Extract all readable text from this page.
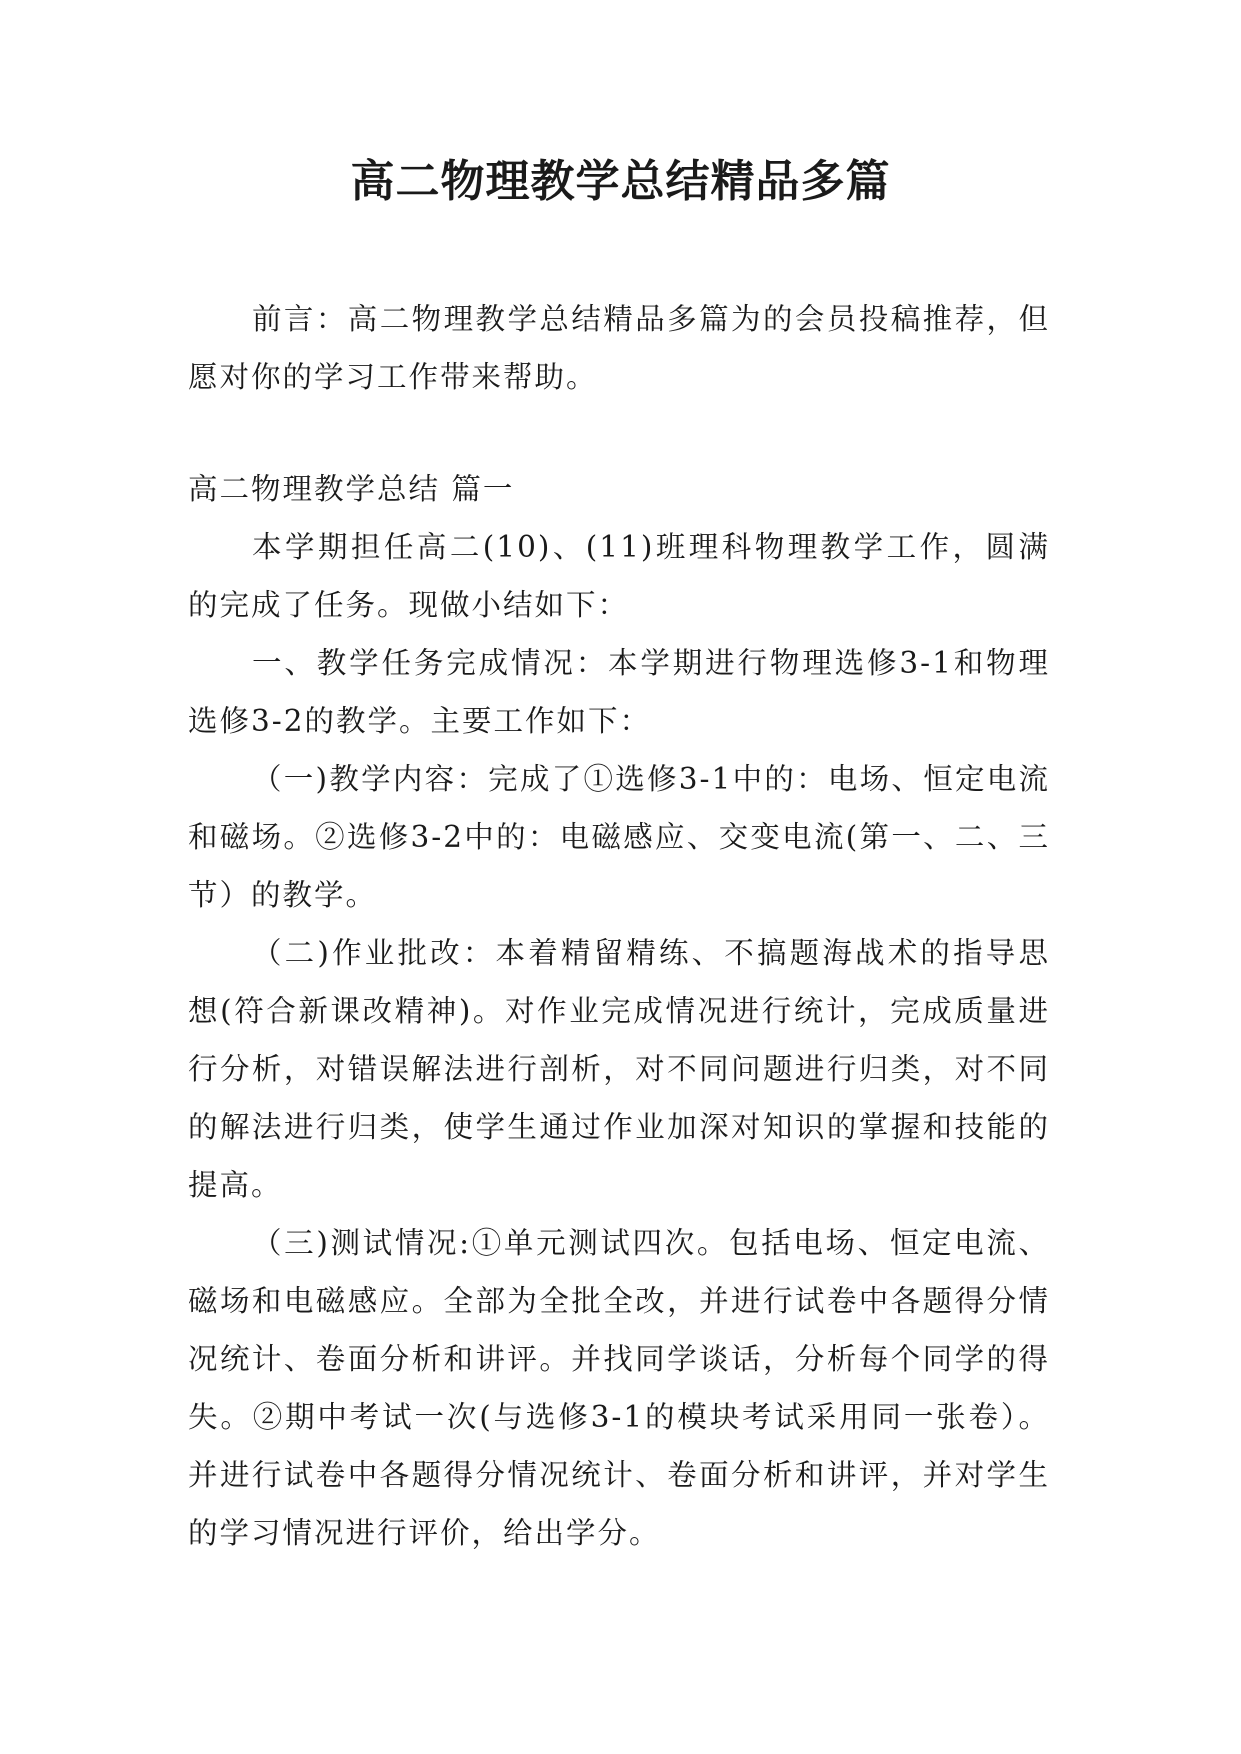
高二物理教学总结精品多篇

前言：高二物理教学总结精品多篇为的会员投稿推荐，但愿对你的学习工作带来帮助。

高二物理教学总结 篇一

本学期担任高二(10)、(11)班理科物理教学工作，圆满的完成了任务。现做小结如下：

一、教学任务完成情况：本学期进行物理选修3-1和物理选修3-2的教学。主要工作如下：

（一)教学内容：完成了①选修3-1中的：电场、恒定电流和磁场。②选修3-2中的：电磁感应、交变电流(第一、二、三节）的教学。

（二)作业批改：本着精留精练、不搞题海战术的指导思想(符合新课改精神)。对作业完成情况进行统计，完成质量进行分析，对错误解法进行剖析，对不同问题进行归类，对不同的解法进行归类，使学生通过作业加深对知识的掌握和技能的提高。

（三)测试情况:①单元测试四次。包括电场、恒定电流、磁场和电磁感应。全部为全批全改，并进行试卷中各题得分情况统计、卷面分析和讲评。并找同学谈话，分析每个同学的得失。②期中考试一次(与选修3-1的模块考试采用同一张卷）。并进行试卷中各题得分情况统计、卷面分析和讲评，并对学生的学习情况进行评价，给出学分。
